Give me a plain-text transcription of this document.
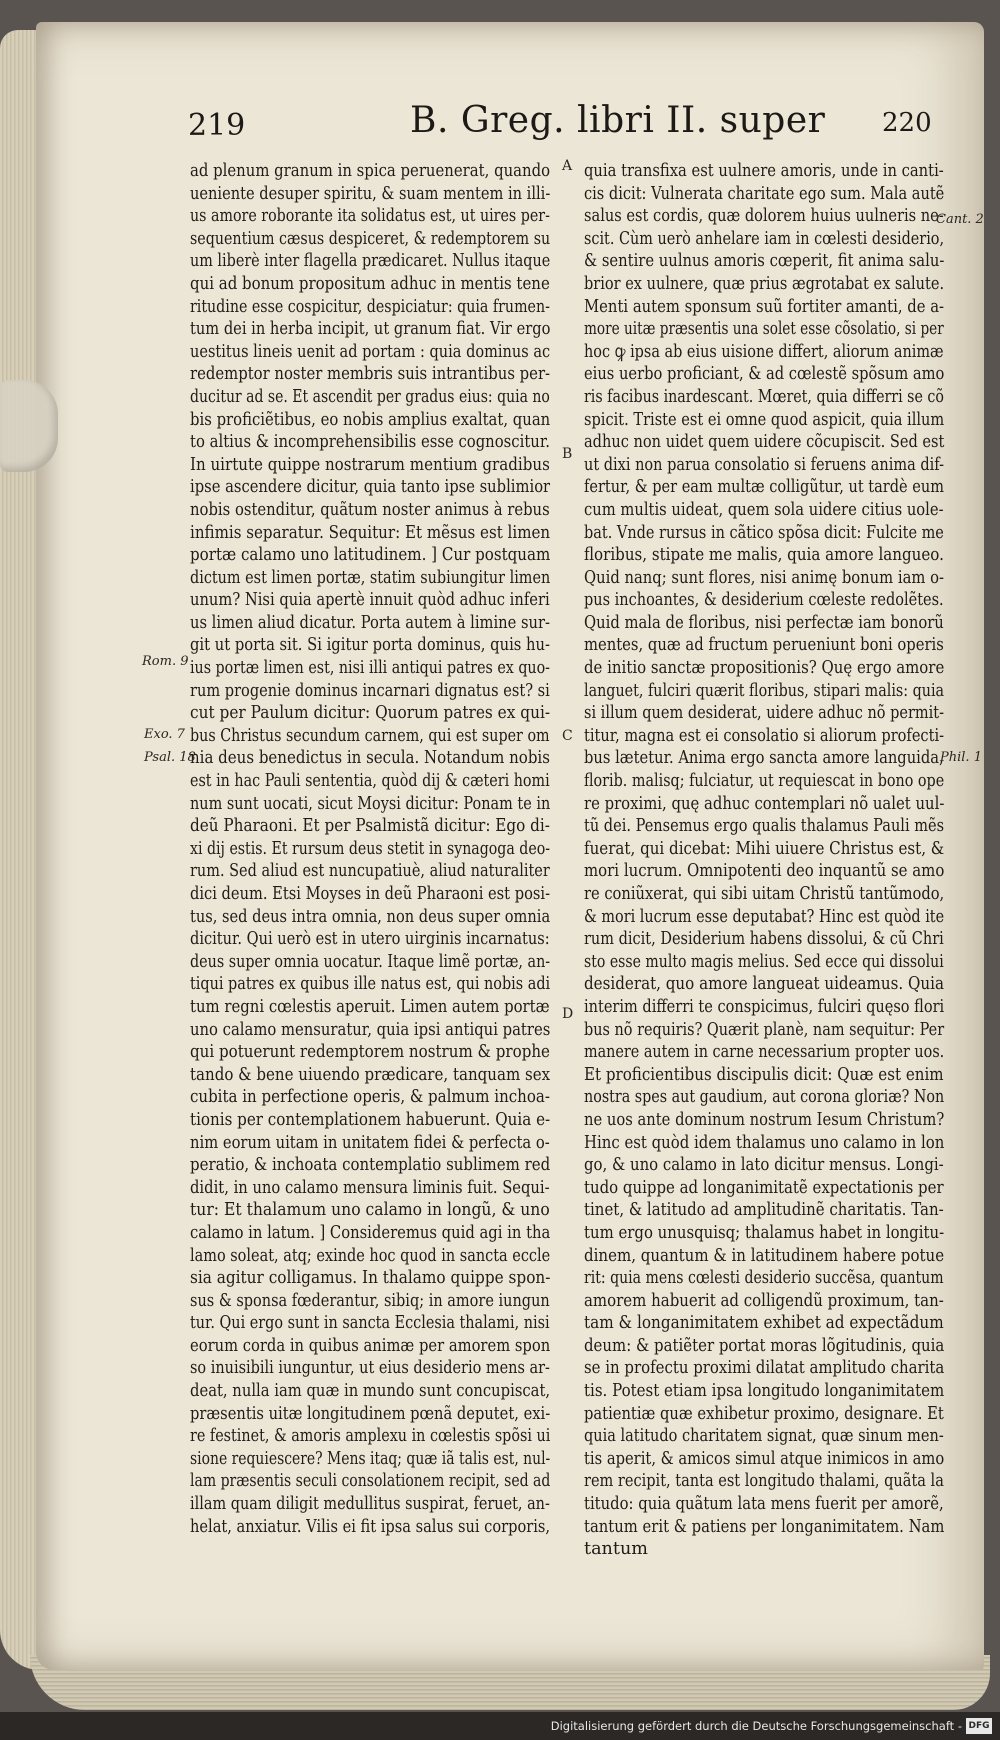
219	B. Greg. libri II. super 220
ad plenum granum in spica peruenerat, quando
ueniente desuper spiritu, & suam mentem in illi-
us amore roborante ita solidatus est, ut uires per-
sequentium cæsus despiceret, & redemptorem su
um liberè inter flagella prædicaret. Nullus itaque
qui ad bonum propositum adhuc in mentis tene
ritudine esse cospicitur, despiciatur: quia frumen-
tum dei in herba incipit, ut granum fiat. Vir ergo
uestitus lineis uenit ad portam : quia dominus ac
redemptor noster membris suis intrantibus per-
ducitur ad se. Et ascendit per gradus eius: quia no
bis proficiẽtibus, eo nobis amplius exaltat, quan
to altius & incomprehensibilis esse cognoscitur.
In uirtute quippe nostrarum mentium gradibus
ipse ascendere dicitur, quia tanto ipse sublimior
nobis ostenditur, quãtum noster animus à rebus
infimis separatur. Sequitur: Et mẽsus est limen
portæ calamo uno latitudinem. ] Cur postquam
dictum est limen portæ, statim subiungitur limen
unum? Nisi quia apertè innuit quòd adhuc inferi
us limen aliud dicatur. Porta autem à limine sur-
git ut porta sit. Si igitur porta dominus, quis hu-
ius portæ limen est, nisi illi antiqui patres ex quo-
rum progenie dominus incarnari dignatus est? si
cut per Paulum dicitur: Quorum patres ex qui-
bus Christus secundum carnem, qui est super om
nia deus benedictus in secula. Notandum nobis
est in hac Pauli sententia, quòd dij & cæteri homi
num sunt uocati, sicut Moysi dicitur: Ponam te in
deũ Pharaoni. Et per Psalmistã dicitur: Ego di-
xi dij estis. Et rursum deus stetit in synagoga deo-
rum. Sed aliud est nuncupatiuè, aliud naturaliter
dici deum. Etsi Moyses in deũ Pharaoni est posi-
tus, sed deus intra omnia, non deus super omnia
dicitur. Qui uerò est in utero uirginis incarnatus:
deus super omnia uocatur. Itaque limẽ portæ, an-
tiqui patres ex quibus ille natus est, qui nobis adi
tum regni cœlestis aperuit. Limen autem portæ
uno calamo mensuratur, quia ipsi antiqui patres
qui potuerunt redemptorem nostrum & prophe
tando & bene uiuendo prædicare, tanquam sex
cubita in perfectione operis, & palmum inchoa-
tionis per contemplationem habuerunt. Quia e-
nim eorum uitam in unitatem fidei & perfecta o-
peratio, & inchoata contemplatio sublimem red
didit, in uno calamo mensura liminis fuit. Sequi-
tur: Et thalamum uno calamo in longũ, & uno
calamo in latum. ] Consideremus quid agi in tha
lamo soleat, atq; exinde hoc quod in sancta eccle
sia agitur colligamus. In thalamo quippe spon-
sus & sponsa fœderantur, sibiq; in amore iungun
tur. Qui ergo sunt in sancta Ecclesia thalami, nisi
eorum corda in quibus animæ per amorem spon
so inuisibili iunguntur, ut eius desiderio mens ar-
deat, nulla iam quæ in mundo sunt concupiscat,
præsentis uitæ longitudinem pœnã deputet, exi-
re festinet, & amoris amplexu in cœlestis spõsi ui
sione requiescere? Mens itaq; quæ iã talis est, nul-
lam præsentis seculi consolationem recipit, sed ad
illam quam diligit medullitus suspirat, feruet, an-
helat, anxiatur. Vilis ei fit ipsa salus sui corporis,
quia transfixa est uulnere amoris, unde in canti-
cis dicit: Vulnerata charitate ego sum. Mala autẽ
salus est cordis, quæ dolorem huius uulneris ne-
scit. Cùm uerò anhelare iam in cœlesti desiderio,
& sentire uulnus amoris cœperit, fit anima salu-
brior ex uulnere, quæ prius ægrotabat ex salute.
Menti autem sponsum suũ fortiter amanti, de a-
more uitæ præsentis una solet esse cõsolatio, si per
hoc ꝙ ipsa ab eius uisione differt, aliorum animæ
eius uerbo proficiant, & ad cœlestẽ spõsum amo
ris facibus inardescant. Mœret, quia differri se cõ
spicit. Triste est ei omne quod aspicit, quia illum
adhuc non uidet quem uidere cõcupiscit. Sed est
ut dixi non parua consolatio si feruens anima dif-
fertur, & per eam multæ colligũtur, ut tardè eum
cum multis uideat, quem sola uidere citius uole-
bat. Vnde rursus in cãtico spõsa dicit: Fulcite me
floribus, stipate me malis, quia amore langueo.
Quid nanq; sunt flores, nisi animę bonum iam o-
pus inchoantes, & desiderium cœleste redolẽtes.
Quid mala de floribus, nisi perfectæ iam bonorũ
mentes, quæ ad fructum perueniunt boni operis
de initio sanctæ propositionis? Quę ergo amore
languet, fulciri quærit floribus, stipari malis: quia
si illum quem desiderat, uidere adhuc nõ permit-
titur, magna est ei consolatio si aliorum profecti-
bus lætetur. Anima ergo sancta amore languida,
florib. malisq; fulciatur, ut requiescat in bono ope
re proximi, quę adhuc contemplari nõ ualet uul-
tũ dei. Pensemus ergo qualis thalamus Pauli mẽs
fuerat, qui dicebat: Mihi uiuere Christus est, &
mori lucrum. Omnipotenti deo inquantũ se amo
re coniũxerat, qui sibi uitam Christũ tantũmodo,
& mori lucrum esse deputabat? Hinc est quòd ite
rum dicit, Desiderium habens dissolui, & cũ Chri
sto esse multo magis melius. Sed ecce qui dissolui
desiderat, quo amore langueat uideamus. Quia
interim differri te conspicimus, fulciri quęso flori
bus nõ requiris? Quærit planè, nam sequitur: Per
manere autem in carne necessarium propter uos.
Et proficientibus discipulis dicit: Quæ est enim
nostra spes aut gaudium, aut corona gloriæ? Non
ne uos ante dominum nostrum Iesum Christum?
Hinc est quòd idem thalamus uno calamo in lon
go, & uno calamo in lato dicitur mensus. Longi-
tudo quippe ad longanimitatẽ expectationis per
tinet, & latitudo ad amplitudinẽ charitatis. Tan-
tum ergo unusquisq; thalamus habet in longitu-
dinem, quantum & in latitudinem habere potue
rit: quia mens cœlesti desiderio succẽsa, quantum
amorem habuerit ad colligendũ proximum, tan-
tam & longanimitatem exhibet ad expectãdum
deum: & patiẽter portat moras lõgitudinis, quia
se in profectu proximi dilatat amplitudo charita
tis. Potest etiam ipsa longitudo longanimitatem
patientiæ quæ exhibetur proximo, designare. Et
quia latitudo charitatem signat, quæ sinum men-
tis aperit, & amicos simul atque inimicos in amo
rem recipit, tanta est longitudo thalami, quãta la
titudo: quia quãtum lata mens fuerit per amorẽ,
tantum erit & patiens per longanimitatem. Nam
tantum
A
B
C
D
Rom. 9
Exo. 7
Psal. 18
Cant. 2
Phil. 1
Digitalisierung gefördert durch die Deutsche Forschungsgemeinschaft - DFG
